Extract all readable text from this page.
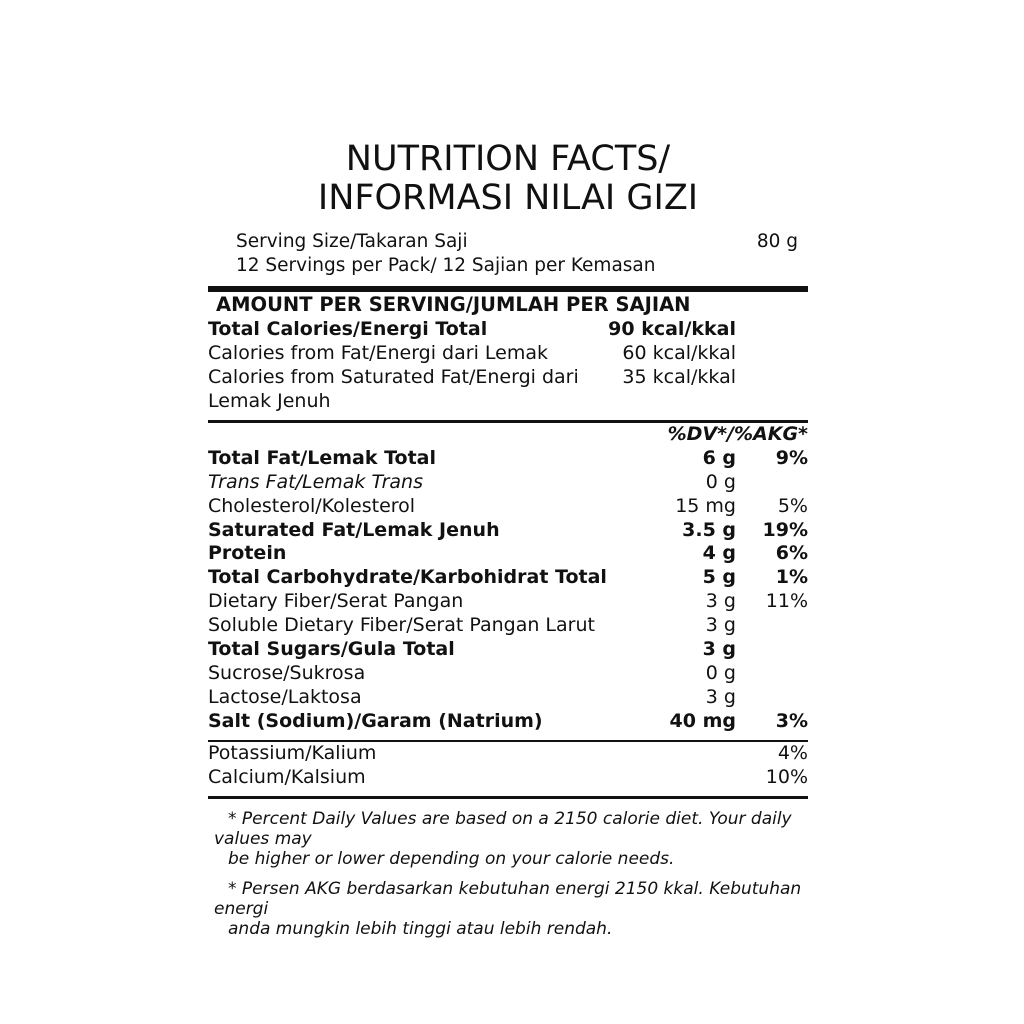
NUTRITION FACTS/
INFORMASI NILAI GIZI
Serving Size/Takaran Saji	80 g
12 Servings per Pack/ 12 Sajian per Kemasan
AMOUNT PER SERVING/JUMLAH PER SAJIAN
Total Calories/Energi Total	90 kcal/kkal	
Calories from Fat/Energi dari Lemak	60 kcal/kkal	
Calories from Saturated Fat/Energi dari Lemak Jenuh	35 kcal/kkal	
%DV*/%AKG*		
Total Fat/Lemak Total	6 g	9%
Trans Fat/Lemak Trans	0 g	
Cholesterol/Kolesterol	15 mg	5%
Saturated Fat/Lemak Jenuh	3.5 g	19%
Protein	4 g	6%
Total Carbohydrate/Karbohidrat Total	5 g	1%
Dietary Fiber/Serat Pangan	3 g	11%
Soluble Dietary Fiber/Serat Pangan Larut	3 g	
Total Sugars/Gula Total	3 g	
Sucrose/Sukrosa	0 g	
Lactose/Laktosa	3 g	
Salt (Sodium)/Garam (Natrium)	40 mg	3%
Potassium/Kalium		4%
Calcium/Kalsium		10%

* Percent Daily Values are based on a 2150 calorie diet. Your daily values may
be higher or lower depending on your calorie needs.

* Persen AKG berdasarkan kebutuhan energi 2150 kkal. Kebutuhan energi
anda mungkin lebih tinggi atau lebih rendah.
